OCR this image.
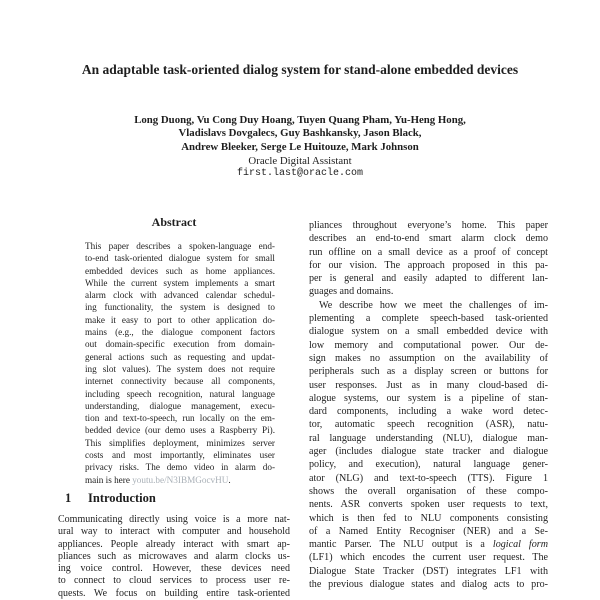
An adaptable task-oriented dialog system for stand-alone embedded devices
Long Duong, Vu Cong Duy Hoang, Tuyen Quang Pham, Yu-Heng Hong,
Vladislavs Dovgalecs, Guy Bashkansky, Jason Black,
Andrew Bleeker, Serge Le Huitouze, Mark Johnson
Oracle Digital Assistant
first.last@oracle.com
Abstract
This paper describes a spoken-language end-
to-end task-oriented dialogue system for small
embedded devices such as home appliances.
While the current system implements a smart
alarm clock with advanced calendar schedul-
ing functionality, the system is designed to
make it easy to port to other application do-
mains (e.g., the dialogue component factors
out domain-specific execution from domain-
general actions such as requesting and updat-
ing slot values). The system does not require
internet connectivity because all components,
including speech recognition, natural language
understanding, dialogue management, execu-
tion and text-to-speech, run locally on the em-
bedded device (our demo uses a Raspberry Pi).
This simplifies deployment, minimizes server
costs and most importantly, eliminates user
privacy risks. The demo video in alarm do-
main is here youtu.be/N3IBMGocvHU.
1 Introduction
Communicating directly using voice is a more nat-
ural way to interact with computer and household
appliances. People already interact with smart ap-
pliances such as microwaves and alarm clocks us-
ing voice control. However, these devices need
to connect to cloud services to process user re-
quests. We focus on building entire task-oriented
pliances throughout everyone’s home. This paper
describes an end-to-end smart alarm clock demo
run offline on a small device as a proof of concept
for our vision. The approach proposed in this pa-
per is general and easily adapted to different lan-
guages and domains.
We describe how we meet the challenges of im-
plementing a complete speech-based task-oriented
dialogue system on a small embedded device with
low memory and computational power. Our de-
sign makes no assumption on the availability of
peripherals such as a display screen or buttons for
user responses. Just as in many cloud-based di-
alogue systems, our system is a pipeline of stan-
dard components, including a wake word detec-
tor, automatic speech recognition (ASR), natu-
ral language understanding (NLU), dialogue man-
ager (includes dialogue state tracker and dialogue
policy, and execution), natural language gener-
ator (NLG) and text-to-speech (TTS). Figure 1
shows the overall organisation of these compo-
nents. ASR converts spoken user requests to text,
which is then fed to NLU components consisting
of a Named Entity Recogniser (NER) and a Se-
mantic Parser. The NLU output is a logical form
(LF1) which encodes the current user request. The
Dialogue State Tracker (DST) integrates LF1 with
the previous dialogue states and dialog acts to pro-
